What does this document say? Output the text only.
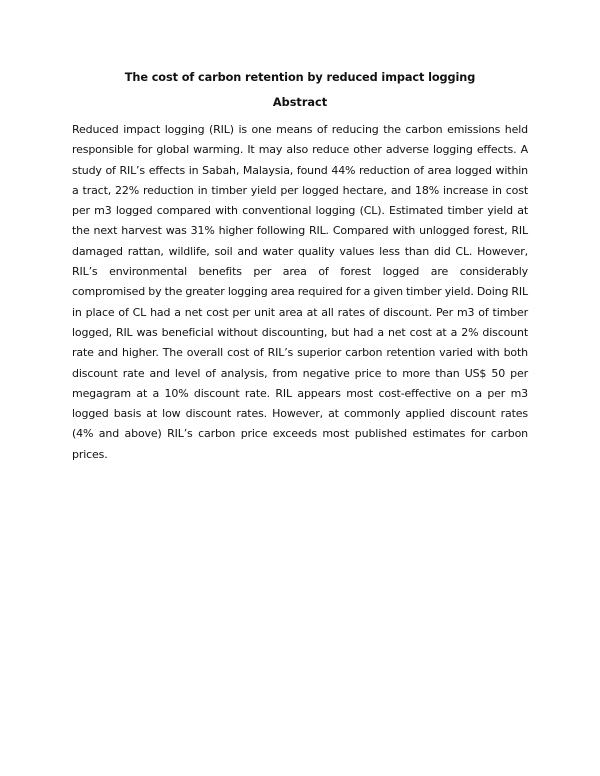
The cost of carbon retention by reduced impact logging
Abstract

Reduced impact logging (RIL) is one means of reducing the carbon emissions held responsible for global warming. It may also reduce other adverse logging effects. A study of RIL’s effects in Sabah, Malaysia, found 44% reduction of area logged within a tract, 22% reduction in timber yield per logged hectare, and 18% increase in cost per m3 logged compared with conventional logging (CL). Estimated timber yield at the next harvest was 31% higher following RIL. Compared with unlogged forest, RIL damaged rattan, wildlife, soil and water quality values less than did CL. However, RIL’s environmental benefits per area of forest logged are considerably compromised by the greater logging area required for a given timber yield. Doing RIL in place of CL had a net cost per unit area at all rates of discount. Per m3 of timber logged, RIL was beneficial without discounting, but had a net cost at a 2% discount rate and higher. The overall cost of RIL’s superior carbon retention varied with both discount rate and level of analysis, from negative price to more than US$ 50 per megagram at a 10% discount rate. RIL appears most cost-effective on a per m3 logged basis at low discount rates. However, at commonly applied discount rates (4% and above) RIL’s carbon price exceeds most published estimates for carbon prices.
